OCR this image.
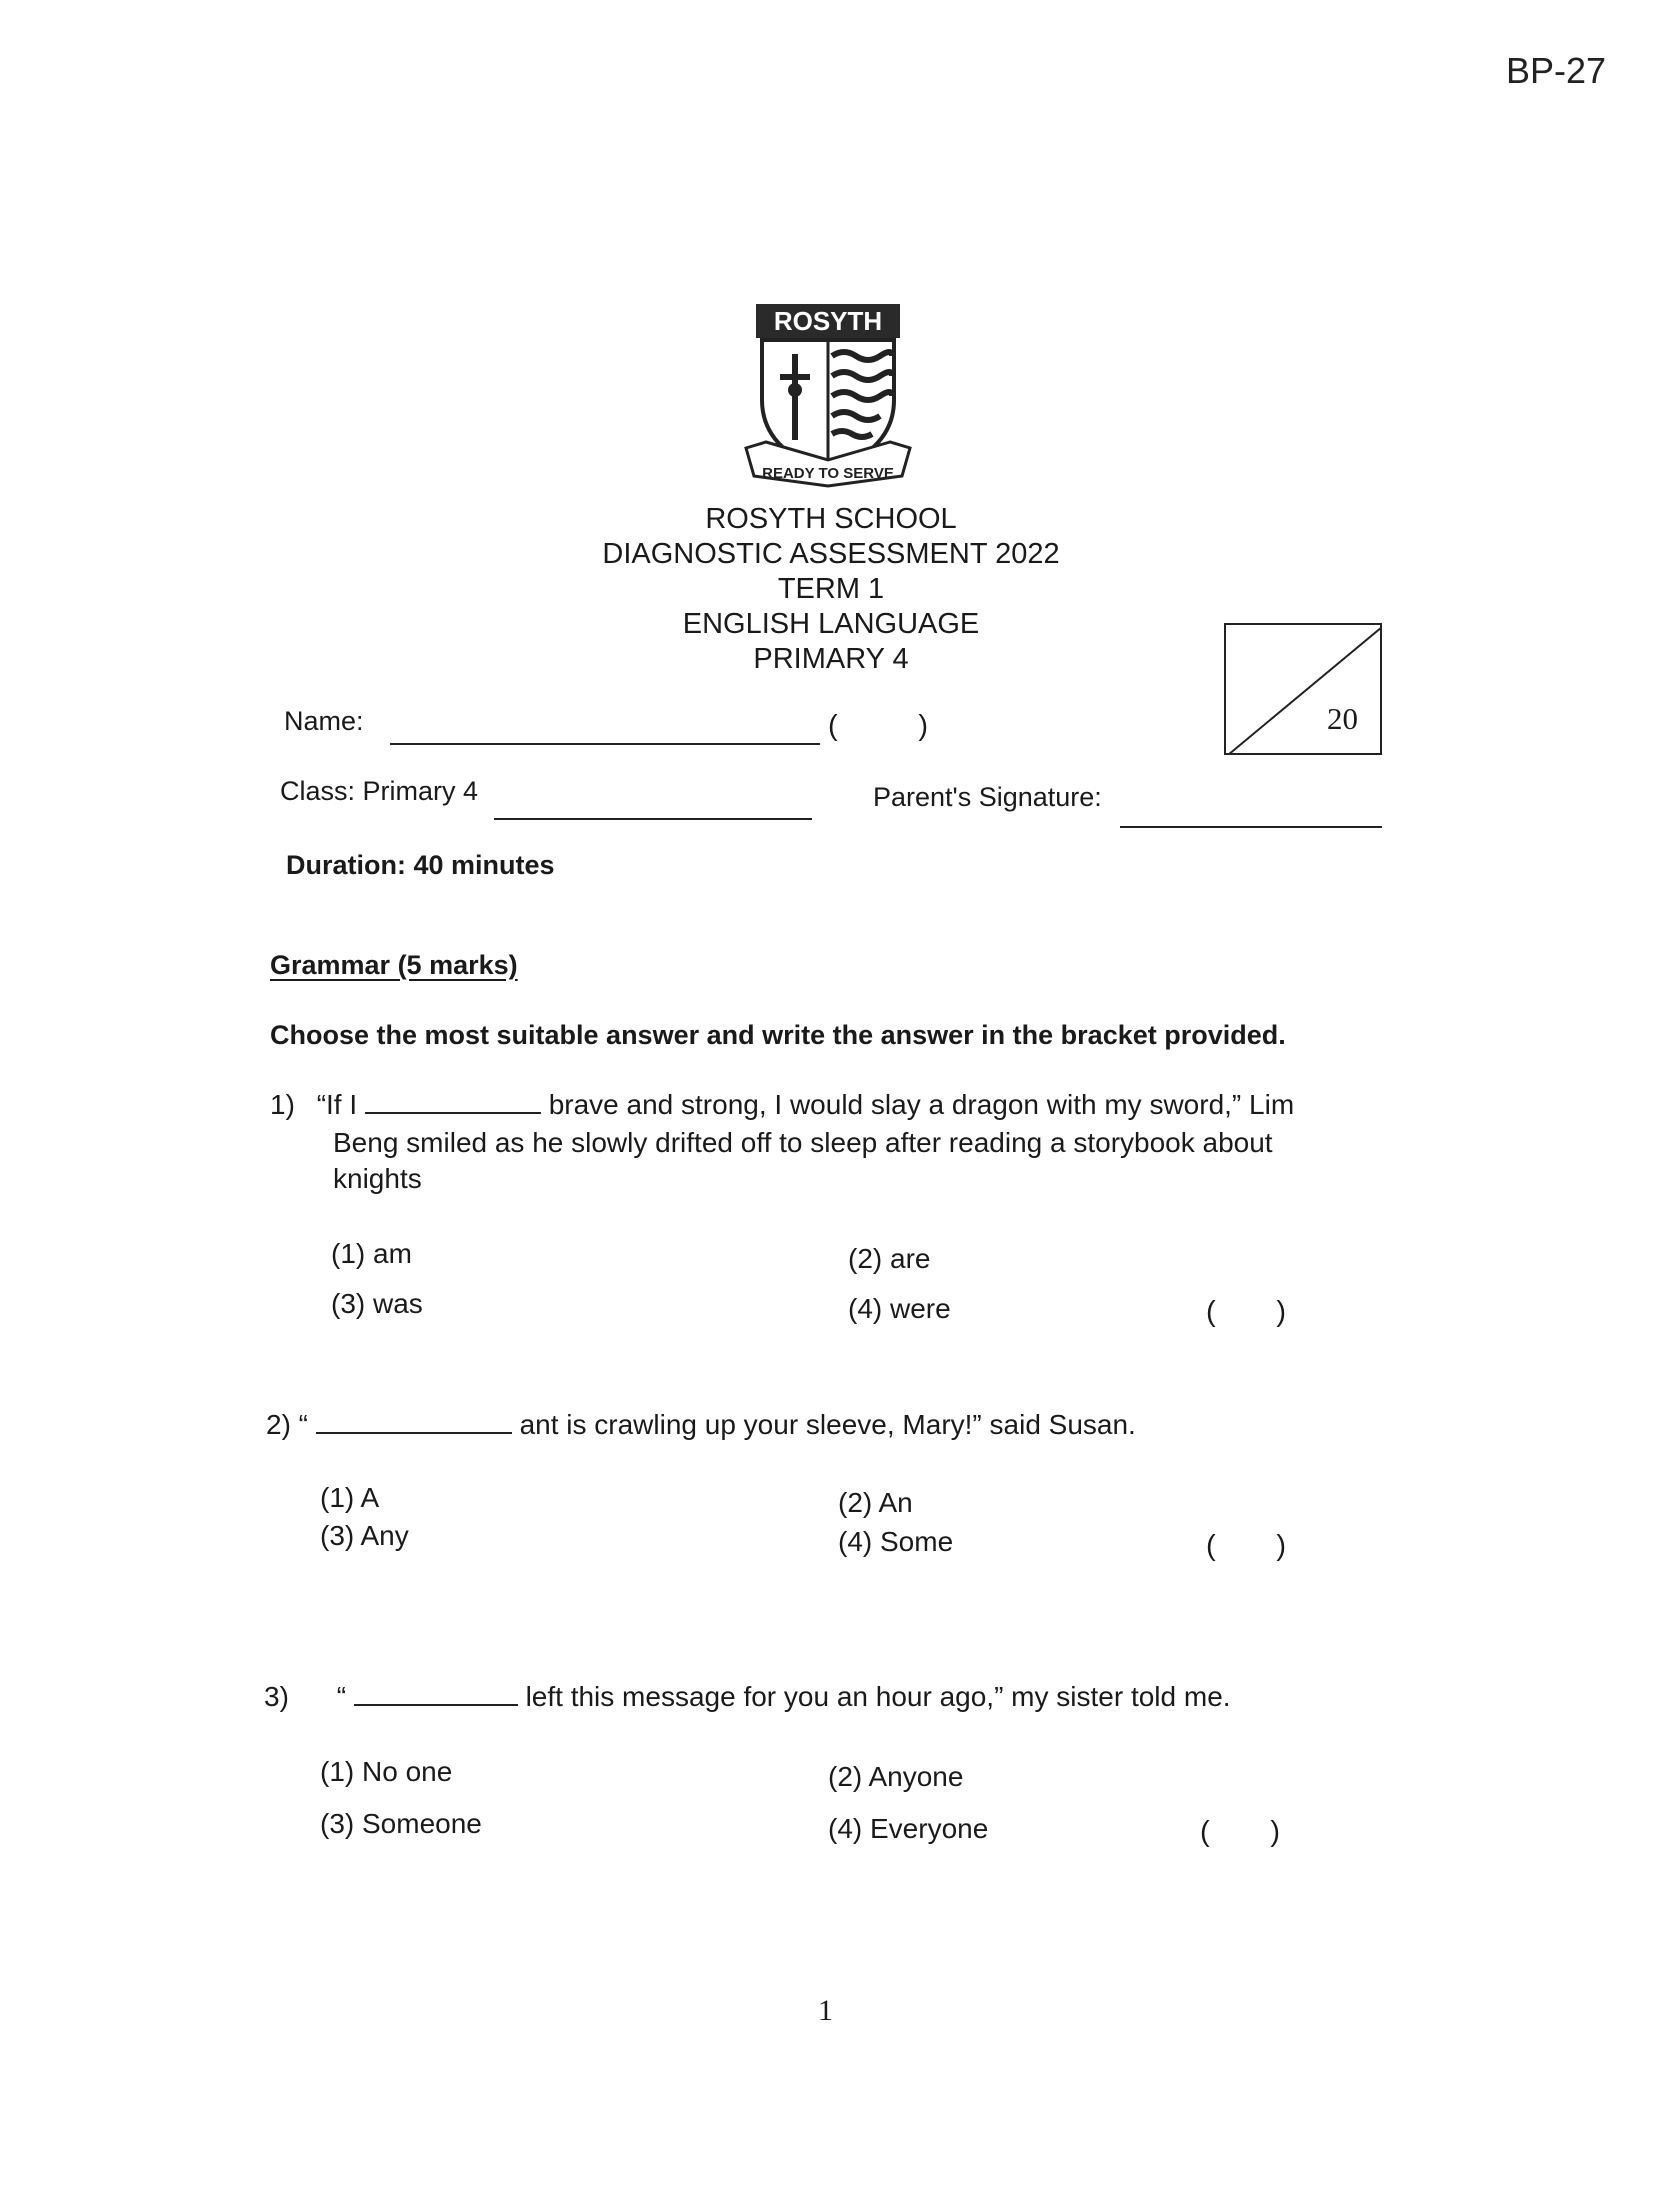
BP-27
ROSYTH
READY TO SERVE
ROSYTH SCHOOL
DIAGNOSTIC ASSESSMENT 2022
TERM 1
ENGLISH LANGUAGE
PRIMARY 4
20
Name:	(	)
Class: Primary 4	Parent's Signature:
Duration: 40 minutes
Grammar (5 marks)
Choose the most suitable answer and write the answer in the bracket provided.
1) “If I	brave and strong, I would slay a dragon with my sword,” Lim
Beng smiled as he slowly drifted off to sleep after reading a storybook about
knights
(1) am	(2) are
(3) was	(4) were	( )
2) “	ant is crawling up your sleeve, Mary!” said Susan.
(1) A	(2) An
(3) Any	(4) Some	( )
3) “	left this message for you an hour ago,” my sister told me.
(1) No one	(2) Anyone
(3) Someone	(4) Everyone	( )
1
